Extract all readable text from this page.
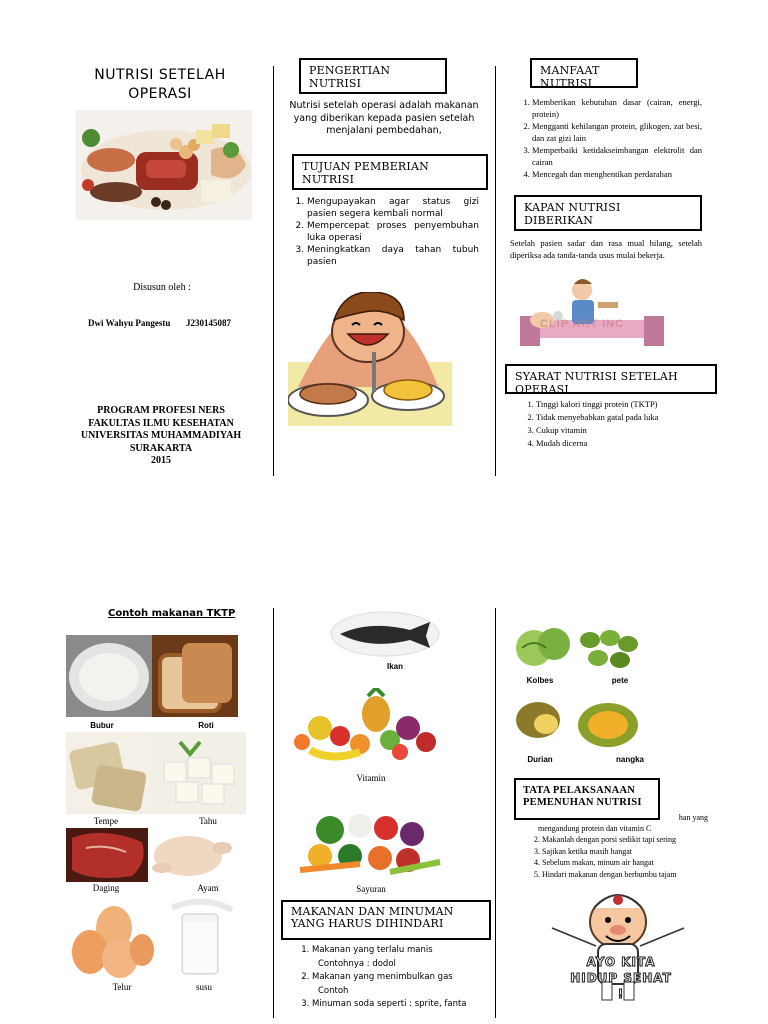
NUTRISI SETELAH
OPERASI
Disusun oleh :
Dwi Wahyu Pangestu J230145087
PROGRAM PROFESI NERS
FAKULTAS ILMU KESEHATAN
UNIVERSITAS MUHAMMADIYAH
SURAKARTA
2015
PENGERTIAN NUTRISI
Nutrisi setelah operasi adalah makanan yang diberikan kepada pasien setelah menjalani pembedahan,
TUJUAN PEMBERIAN NUTRISI
1. Mengupayakan agar status gizi pasien segera kembali normal
2. Mempercepat proses penyembuhan luka operasi
3. Meningkatkan daya tahan tubuh pasien
MANFAAT NUTRISI
1. Memberikan kebutuhan dasar (cairan, energi, protein)
2. Mengganti kehilangan protein, glikogen, zat besi, dan zat gizi lain
3. Memperbaiki ketidakseimbangan elektrolit dan cairan
4. Mencegah dan menghentikan perdarahan
KAPAN NUTRISI DIBERIKAN
Setelah pasien sadar dan rasa mual hilang, setelah diperiksa ada tanda-tanda usus mulai bekerja.
CLIP ART INC
SYARAT NUTRISI SETELAH OPERASI
1. Tinggi kalori tinggi protein (TKTP)
2. Tidak menyebabkan gatal pada luka
3. Cukup vitamin
4. Mudah dicerna
Contoh makanan TKTP
Bubur	Roti
Tempe	Tahu
Daging	Ayam
Telur	susu
Ikan
Vitamin
Sayuran
MAKANAN DAN MINUMAN YANG HARUS DIHINDARI
1. Makanan yang terlalu manis
Contohnya : dodol
2. Makanan yang menimbulkan gas
Contoh
3. Minuman soda seperti : sprite, fanta
Kolbes	pete
Durian	nangka
han yang
mengandung protein dan vitamin C
TATA PELAKSANAAN
PEMENUHAN NUTRISI
2. Makanlah dengan porsi sedikit tapi sering
3. Sajikan ketika masih hangat
4. Sebelum makan, minum air hangat
5. Hindari makanan dengan berbumbu tajam
AYO KITA
HIDUP SEHAT !
